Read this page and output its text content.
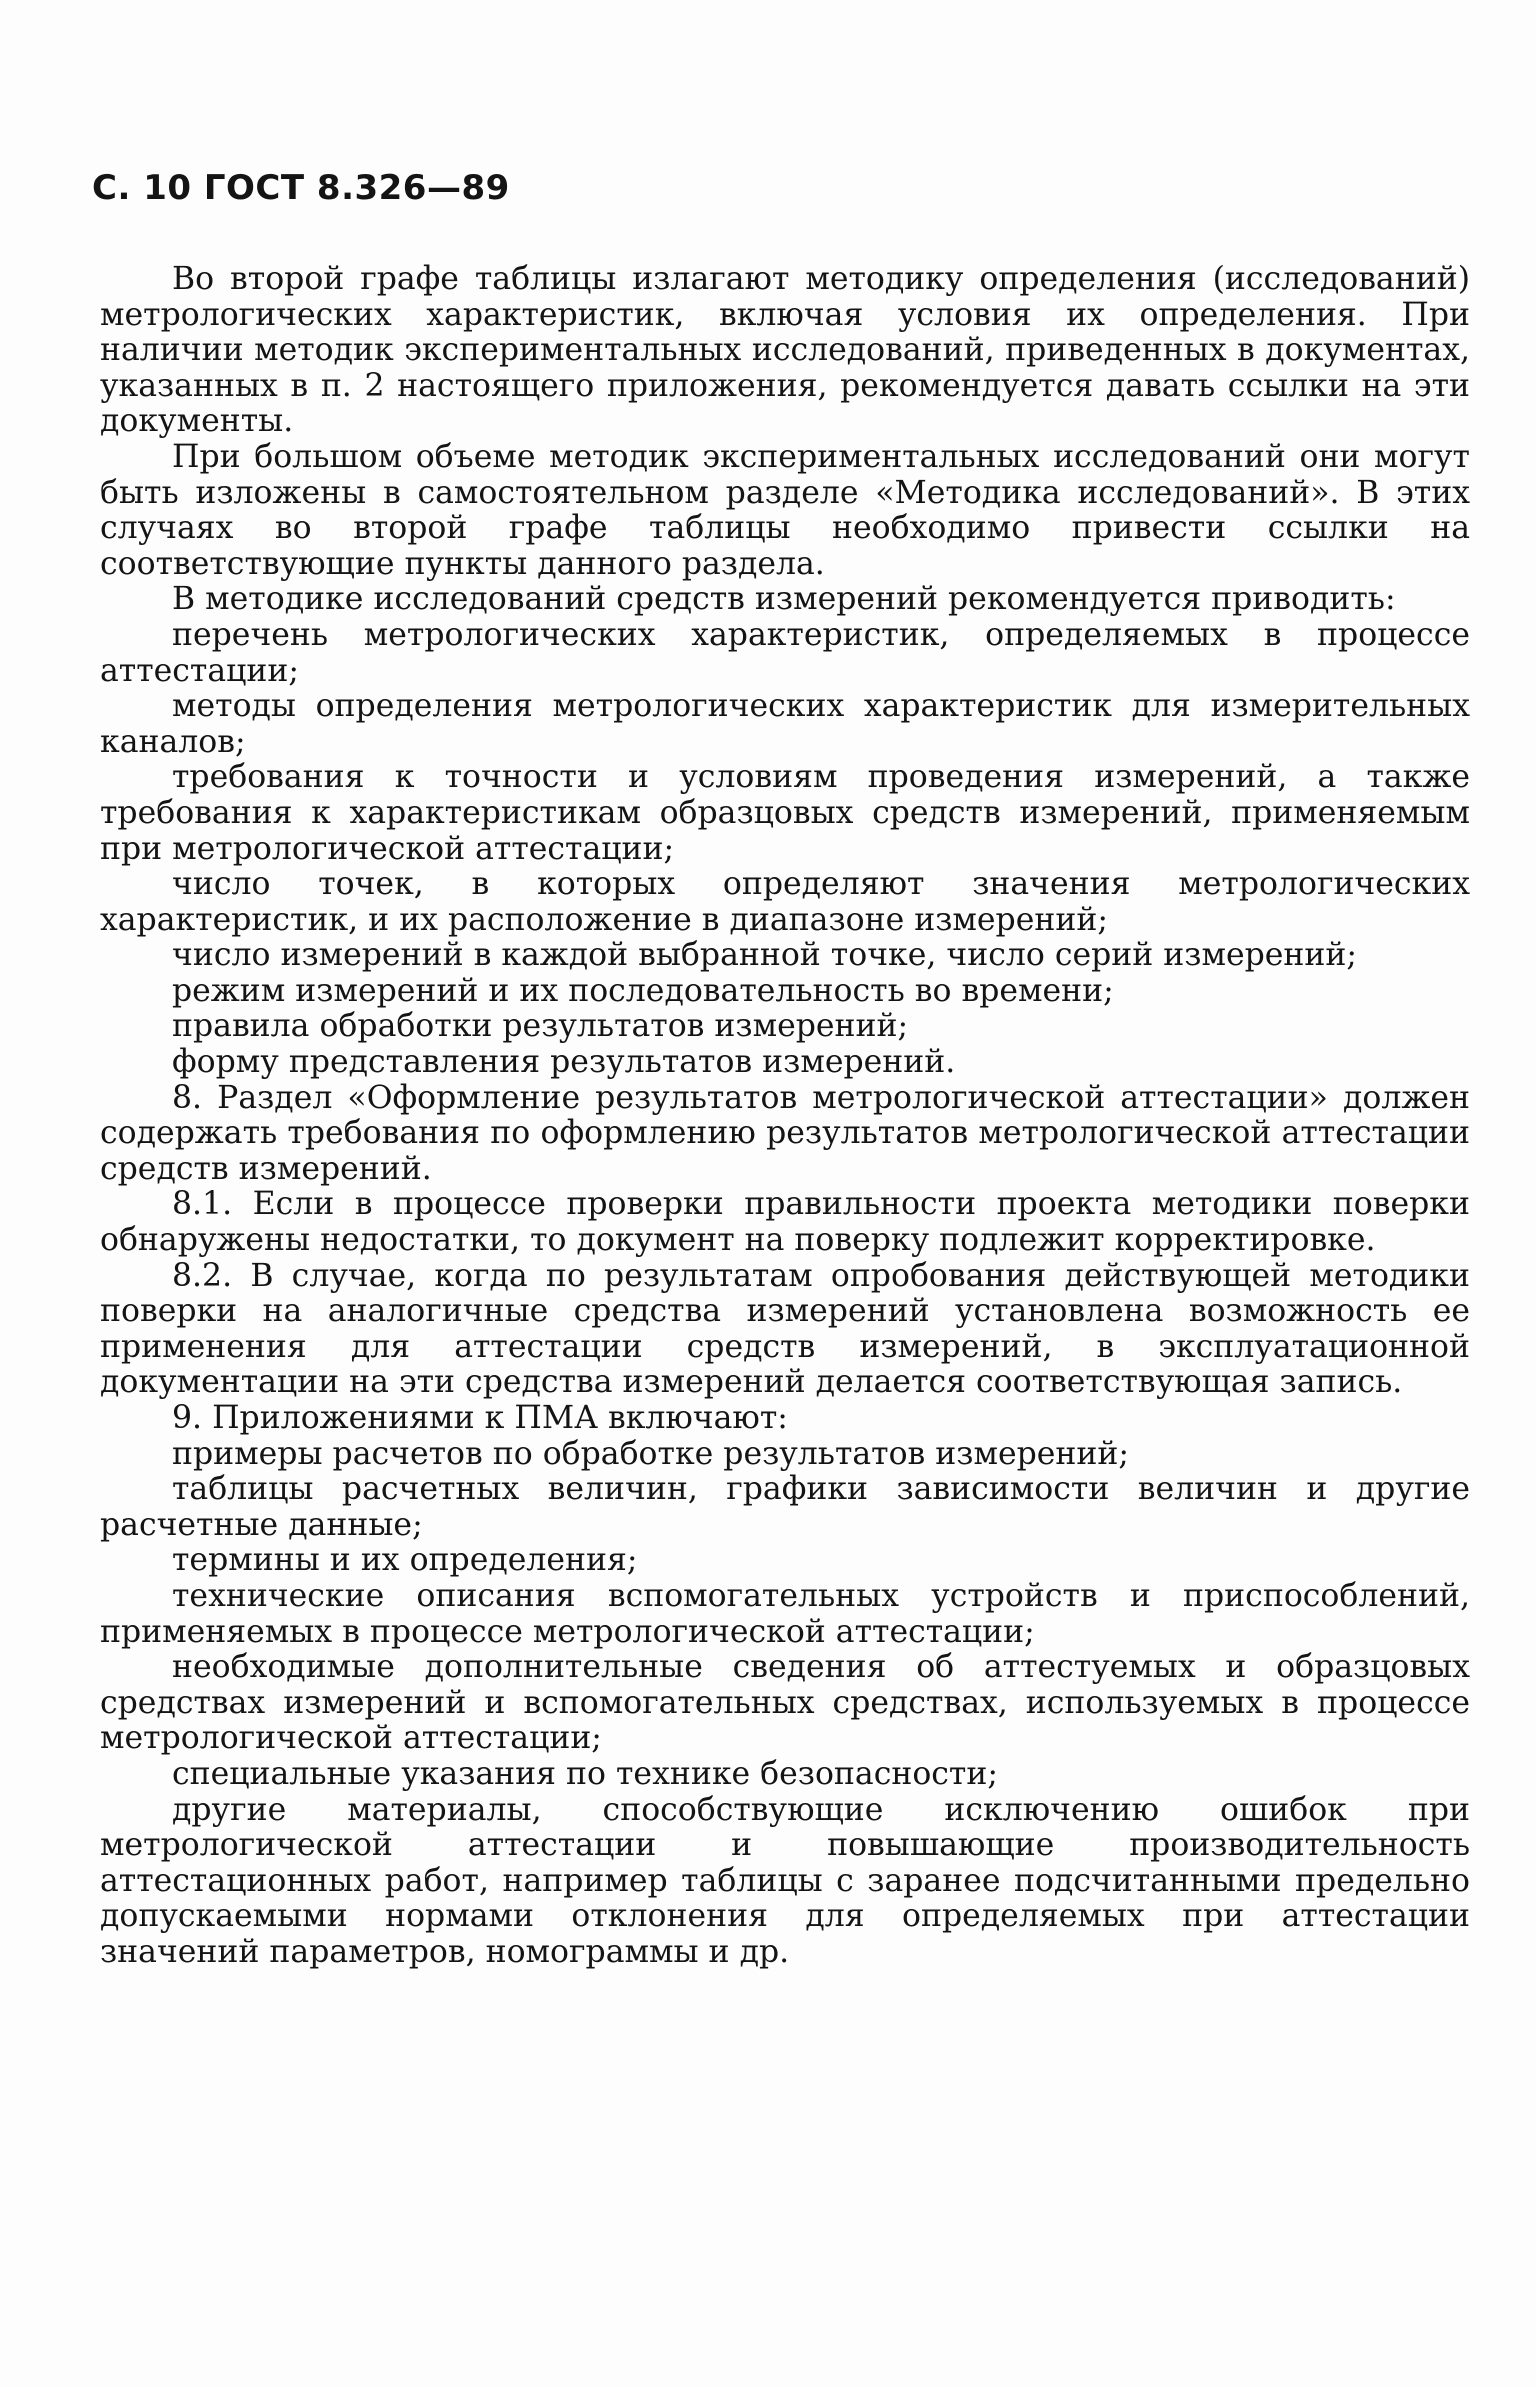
С. 10 ГОСТ 8.326—89

Во второй графе таблицы излагают методику определения (исследований) метрологических характеристик, включая условия их определения. При наличии методик экспериментальных исследований, приведенных в документах, указанных в п. 2 настоящего приложения, рекомендуется давать ссылки на эти документы.

При большом объеме методик экспериментальных исследований они могут быть изложены в самостоятельном разделе «Методика исследований». В этих случаях во второй графе таблицы необходимо привести ссылки на соответствующие пункты данного раздела.

В методике исследований средств измерений рекомендуется приводить:

перечень метрологических характеристик, определяемых в процессе аттестации;

методы определения метрологических характеристик для измерительных каналов;

требования к точности и условиям проведения измерений, а также требования к характеристикам образцовых средств измерений, применяемым при метрологической аттестации;

число точек, в которых определяют значения метрологических характеристик, и их расположение в диапазоне измерений;

число измерений в каждой выбранной точке, число серий измерений;

режим измерений и их последовательность во времени;

правила обработки результатов измерений;

форму представления результатов измерений.

8. Раздел «Оформление результатов метрологической аттестации» должен содержать требования по оформлению результатов метрологической аттестации средств измерений.

8.1. Если в процессе проверки правильности проекта методики поверки обнаружены недостатки, то документ на поверку подлежит корректировке.

8.2. В случае, когда по результатам опробования действующей методики поверки на аналогичные средства измерений установлена возможность ее применения для аттестации средств измерений, в эксплуатационной документации на эти средства измерений делается соответствующая запись.

9. Приложениями к ПМА включают:

примеры расчетов по обработке результатов измерений;

таблицы расчетных величин, графики зависимости величин и другие расчетные данные;

термины и их определения;

технические описания вспомогательных устройств и приспособлений, применяемых в процессе метрологической аттестации;

необходимые дополнительные сведения об аттестуемых и образцовых средствах измерений и вспомогательных средствах, используемых в процессе метрологической аттестации;

специальные указания по технике безопасности;

другие материалы, способствующие исключению ошибок при метрологической аттестации и повышающие производительность аттестационных работ, например таблицы с заранее подсчитанными предельно допускаемыми нормами отклонения для определяемых при аттестации значений параметров, номограммы и др.
